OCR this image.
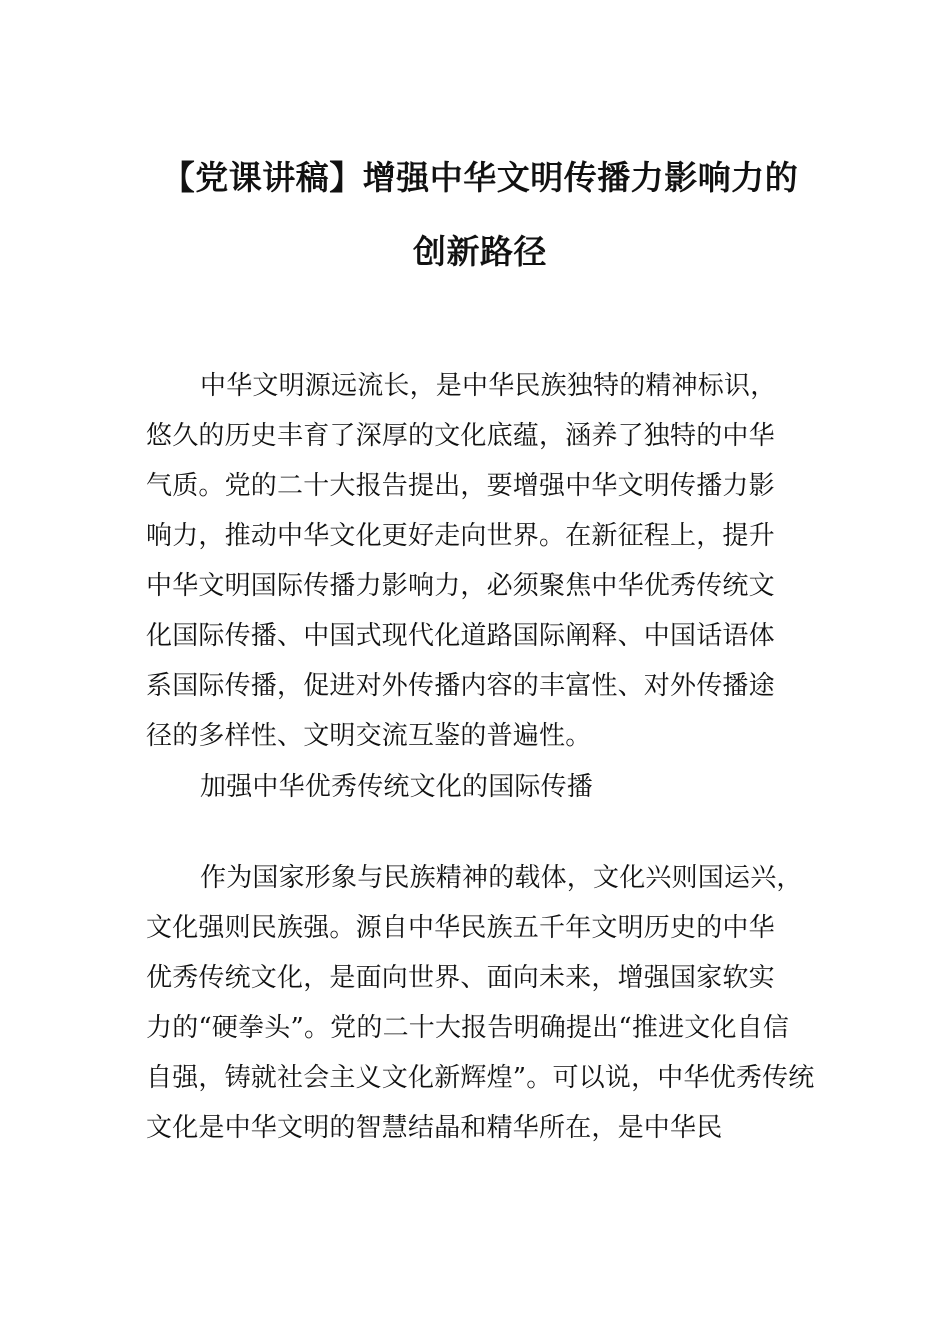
【党课讲稿】增强中华文明传播力影响力的
创新路径
中华文明源远流长，是中华民族独特的精神标识，
悠久的历史丰育了深厚的文化底蕴，涵养了独特的中华
气质。党的二十大报告提出，要增强中华文明传播力影
响力，推动中华文化更好走向世界。在新征程上，提升
中华文明国际传播力影响力，必须聚焦中华优秀传统文
化国际传播、中国式现代化道路国际阐释、中国话语体
系国际传播，促进对外传播内容的丰富性、对外传播途
径的多样性、文明交流互鉴的普遍性。
加强中华优秀传统文化的国际传播
作为国家形象与民族精神的载体，文化兴则国运兴，
文化强则民族强。源自中华民族五千年文明历史的中华
优秀传统文化，是面向世界、面向未来，增强国家软实
力的“硬拳头”。党的二十大报告明确提出“推进文化自信
自强，铸就社会主义文化新辉煌”。可以说，中华优秀传统
文化是中华文明的智慧结晶和精华所在，是中华民
